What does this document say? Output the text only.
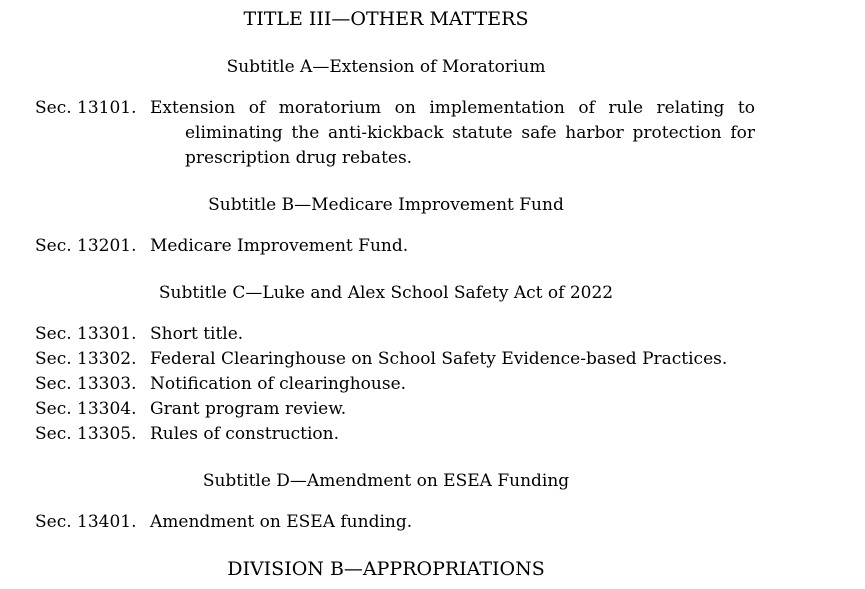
TITLE III—OTHER MATTERS
Subtitle A—Extension of Moratorium
Sec. 13101. Extension of moratorium on implementation of rule relating to eliminating the anti-kickback statute safe harbor protection for prescription drug rebates.
Subtitle B—Medicare Improvement Fund
Sec. 13201. Medicare Improvement Fund.
Subtitle C—Luke and Alex School Safety Act of 2022
Sec. 13301. Short title.
Sec. 13302. Federal Clearinghouse on School Safety Evidence-based Practices.
Sec. 13303. Notification of clearinghouse.
Sec. 13304. Grant program review.
Sec. 13305. Rules of construction.
Subtitle D—Amendment on ESEA Funding
Sec. 13401. Amendment on ESEA funding.
DIVISION B—APPROPRIATIONS
